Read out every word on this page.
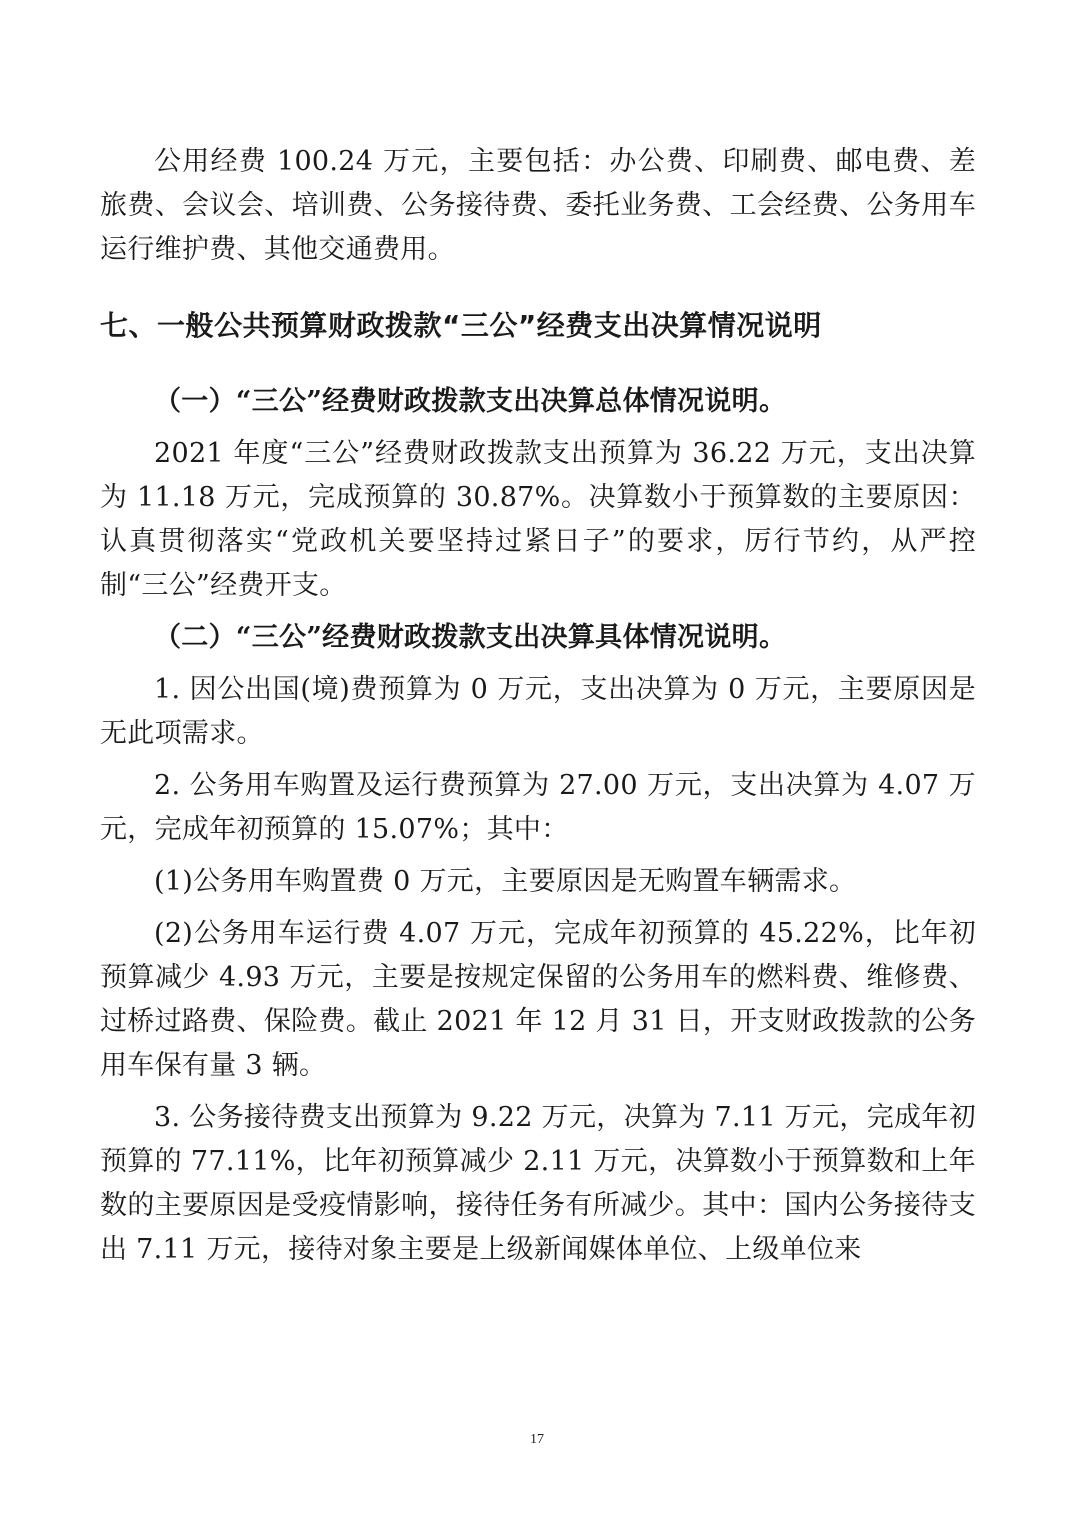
公用经费 100.24 万元，主要包括：办公费、印刷费、邮电费、差旅费、会议会、培训费、公务接待费、委托业务费、工会经费、公务用车运行维护费、其他交通费用。

七、一般公共预算财政拨款“三公”经费支出决算情况说明

（一）“三公”经费财政拨款支出决算总体情况说明。

2021 年度“三公”经费财政拨款支出预算为 36.22 万元，支出决算为 11.18 万元，完成预算的 30.87%。决算数小于预算数的主要原因：认真贯彻落实“党政机关要坚持过紧日子”的要求，厉行节约，从严控制“三公”经费开支。

（二）“三公”经费财政拨款支出决算具体情况说明。

1. 因公出国(境)费预算为 0 万元，支出决算为 0 万元，主要原因是无此项需求。

2. 公务用车购置及运行费预算为 27.00 万元，支出决算为 4.07 万元，完成年初预算的 15.07%；其中：

(1)公务用车购置费 0 万元，主要原因是无购置车辆需求。

(2)公务用车运行费 4.07 万元，完成年初预算的 45.22%，比年初预算减少 4.93 万元，主要是按规定保留的公务用车的燃料费、维修费、过桥过路费、保险费。截止 2021 年 12 月 31 日，开支财政拨款的公务用车保有量 3 辆。

3. 公务接待费支出预算为 9.22 万元，决算为 7.11 万元，完成年初预算的 77.11%，比年初预算减少 2.11 万元，决算数小于预算数和上年数的主要原因是受疫情影响，接待任务有所减少。其中：国内公务接待支出 7.11 万元，接待对象主要是上级新闻媒体单位、上级单位来

17
